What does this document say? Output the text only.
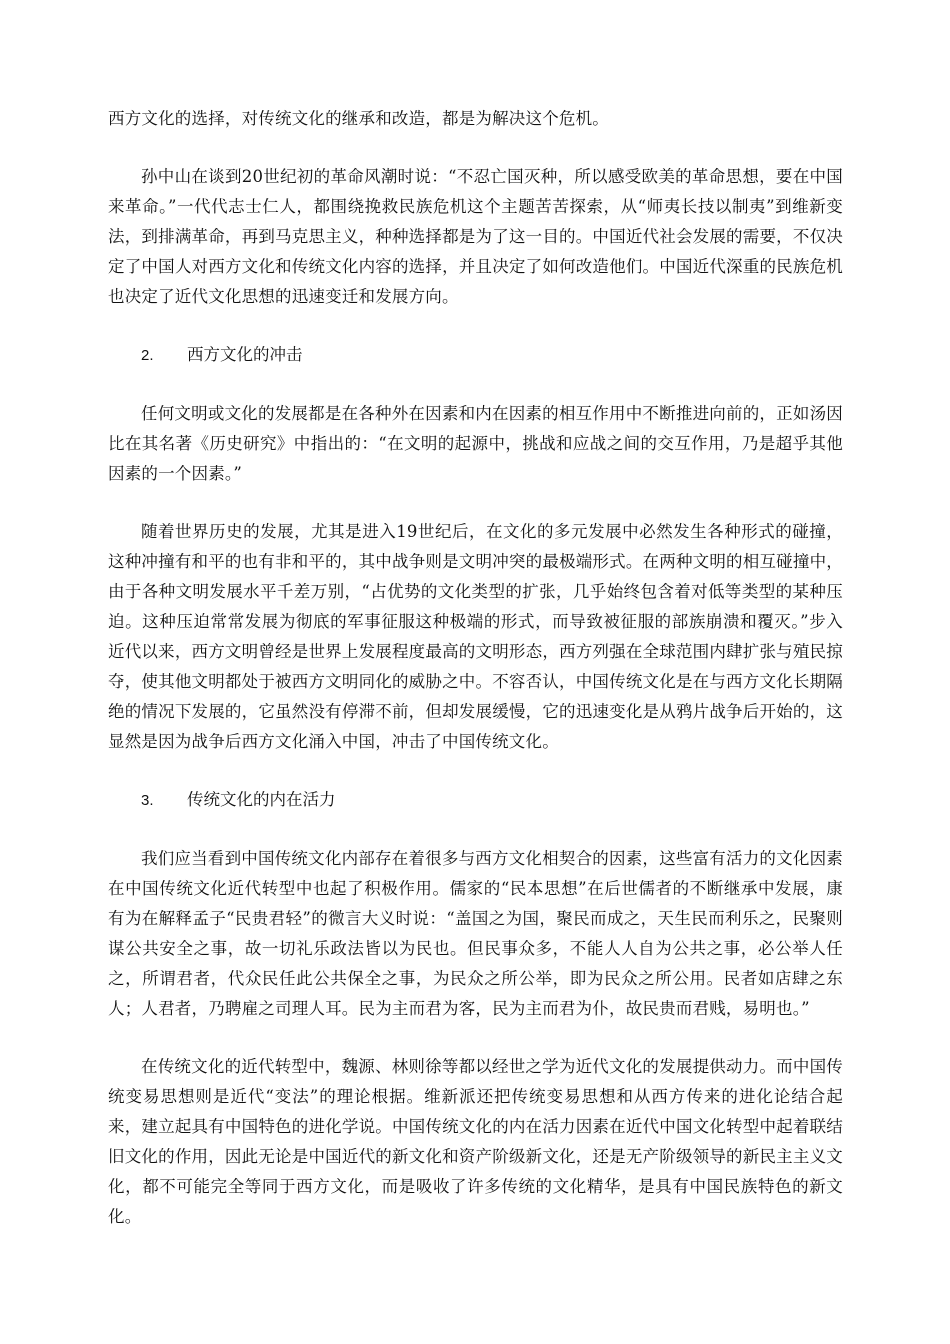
西方文化的选择，对传统文化的继承和改造，都是为解决这个危机。

孙中山在谈到20世纪初的革命风潮时说：“不忍亡国灭种，所以感受欧美的革命思想，要在中国来革命。”一代代志士仁人，都围绕挽救民族危机这个主题苦苦探索，从“师夷长技以制夷”到维新变法，到排满革命，再到马克思主义，种种选择都是为了这一目的。中国近代社会发展的需要，不仅决定了中国人对西方文化和传统文化内容的选择，并且决定了如何改造他们。中国近代深重的民族危机也决定了近代文化思想的迅速变迁和发展方向。

2.	西方文化的冲击

任何文明或文化的发展都是在各种外在因素和内在因素的相互作用中不断推进向前的，正如汤因比在其名著《历史研究》中指出的：“在文明的起源中，挑战和应战之间的交互作用，乃是超乎其他因素的一个因素。”

随着世界历史的发展，尤其是进入19世纪后，在文化的多元发展中必然发生各种形式的碰撞，这种冲撞有和平的也有非和平的，其中战争则是文明冲突的最极端形式。在两种文明的相互碰撞中，由于各种文明发展水平千差万别，“占优势的文化类型的扩张，几乎始终包含着对低等类型的某种压迫。这种压迫常常发展为彻底的军事征服这种极端的形式，而导致被征服的部族崩溃和覆灭。”步入近代以来，西方文明曾经是世界上发展程度最高的文明形态，西方列强在全球范围内肆扩张与殖民掠夺，使其他文明都处于被西方文明同化的威胁之中。不容否认，中国传统文化是在与西方文化长期隔绝的情况下发展的，它虽然没有停滞不前，但却发展缓慢，它的迅速变化是从鸦片战争后开始的，这显然是因为战争后西方文化涌入中国，冲击了中国传统文化。

3.	传统文化的内在活力

我们应当看到中国传统文化内部存在着很多与西方文化相契合的因素，这些富有活力的文化因素在中国传统文化近代转型中也起了积极作用。儒家的“民本思想”在后世儒者的不断继承中发展，康有为在解释孟子“民贵君轻”的微言大义时说：“盖国之为国，聚民而成之，天生民而利乐之，民聚则谋公共安全之事，故一切礼乐政法皆以为民也。但民事众多，不能人人自为公共之事，必公举人任之，所谓君者，代众民任此公共保全之事，为民众之所公举，即为民众之所公用。民者如店肆之东人；人君者，乃聘雇之司理人耳。民为主而君为客，民为主而君为仆，故民贵而君贱，易明也。”

在传统文化的近代转型中，魏源、林则徐等都以经世之学为近代文化的发展提供动力。而中国传统变易思想则是近代“变法”的理论根据。维新派还把传统变易思想和从西方传来的进化论结合起来，建立起具有中国特色的进化学说。中国传统文化的内在活力因素在近代中国文化转型中起着联结旧文化的作用，因此无论是中国近代的新文化和资产阶级新文化，还是无产阶级领导的新民主主义文化，都不可能完全等同于西方文化，而是吸收了许多传统的文化精华，是具有中国民族特色的新文化。
